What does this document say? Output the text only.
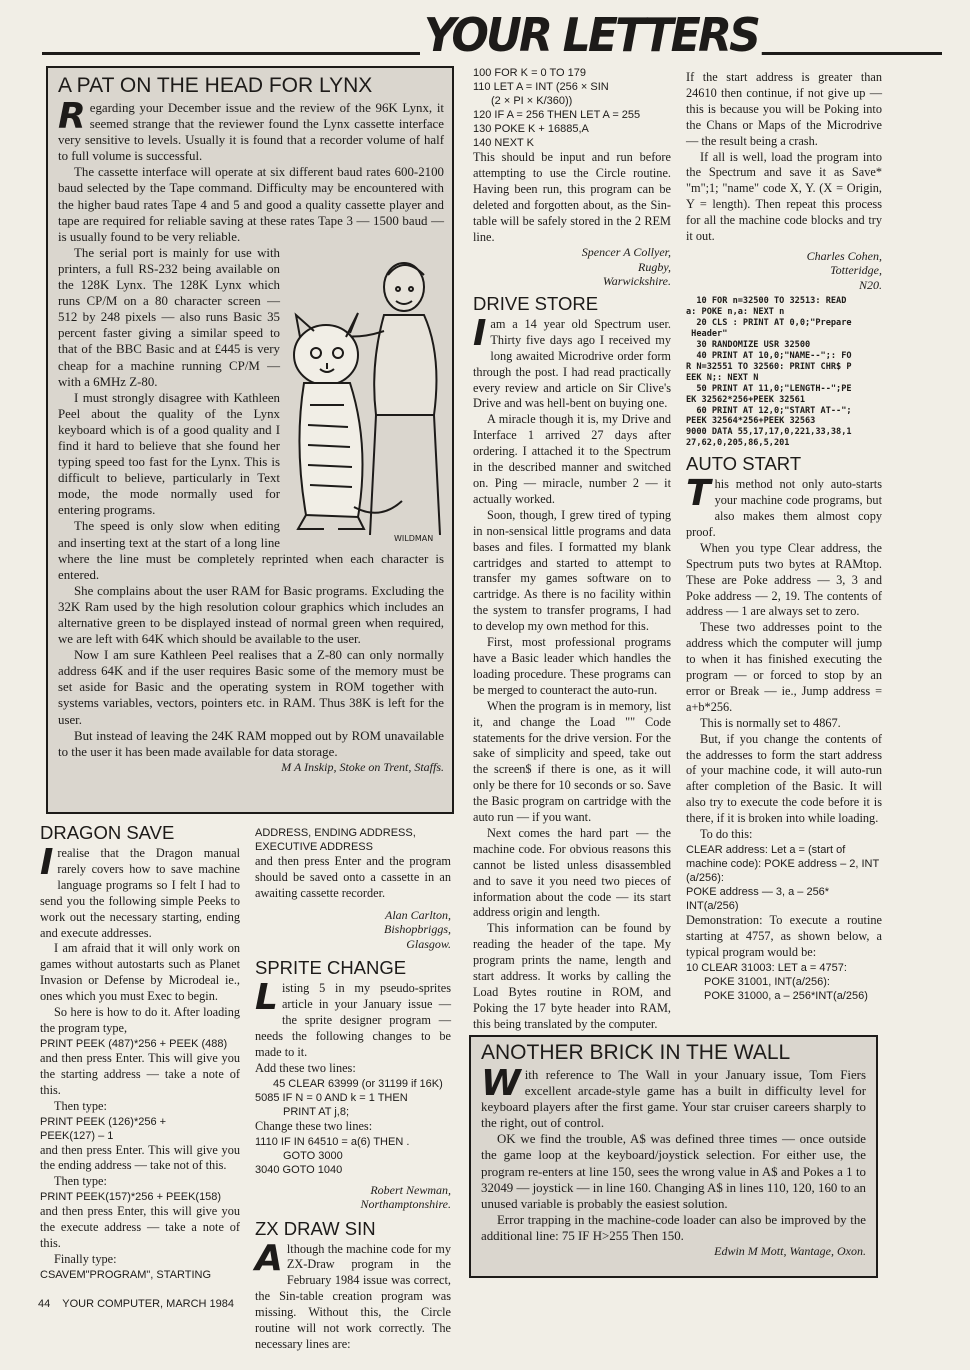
YOUR LETTERS
A PAT ON THE HEAD FOR LYNX

Regarding your December issue and the review of the 96K Lynx, it seemed strange that the reviewer found the Lynx cassette interface very sensitive to levels. Usually it is found that a recorder volume of half to full volume is successful.

The cassette interface will operate at six different baud rates 600-2100 baud selected by the Tape command. Difficulty may be encountered with the higher baud rates Tape 4 and 5 and good a quality cassette player and tape are required for reliable saving at these rates Tape 3 — 1500 baud — is usually found to be very reliable.

WILDMAN
The serial port is mainly for use with printers, a full RS-232 being available on the 128K Lynx. The 128K Lynx which runs CP/M on a 80 character screen — 512 by 248 pixels — also runs Basic 35 percent faster giving a similar speed to that of the BBC Basic and at £445 is very cheap for a machine running CP/M — with a 6MHz Z-80.

I must strongly disagree with Kathleen Peel about the quality of the Lynx keyboard which is of a good quality and I find it hard to believe that she found her typing speed too fast for the Lynx. This is difficult to believe, particularly in Text mode, the mode normally used for entering programs.

The speed is only slow when editing and inserting text at the start of a long line where the line must be completely reprinted when each character is entered.

She complains about the user RAM for Basic programs. Excluding the 32K Ram used by the high resolution colour graphics which includes an alternative green to be displayed instead of normal green when required, we are left with 64K which should be available to the user.

Now I am sure Kathleen Peel realises that a Z-80 can only normally address 64K and if the user requires Basic some of the memory must be set aside for Basic and the operating system in ROM together with systems variables, vectors, pointers etc. in RAM. Thus 38K is left for the user.

But instead of leaving the 24K RAM mopped out by ROM unavailable to the user it has been made available for data storage.

M A Inskip, Stoke on Trent, Staffs.

DRAGON SAVE

Irealise that the Dragon manual rarely covers how to save machine language programs so I felt I had to send you the following simple Peeks to work out the necessary starting, ending and execute addresses.

I am afraid that it will only work on games without autostarts such as Planet Invasion or Defense by Microdeal ie., ones which you must Exec to begin.

So here is how to do it. After loading the program type,

PRINT PEEK (487)*256 + PEEK (488)

and then press Enter. This will give you the starting address — take a note of this.

Then type:

PRINT PEEK (126)*256 +

PEEK(127) – 1

and then press Enter. This will give you the ending address — take not of this.

Then type:

PRINT PEEK(157)*256 + PEEK(158)

and then press Enter, this will give you the execute address — take a note of this.

Finally type:

CSAVEM"PROGRAM", STARTING

ADDRESS, ENDING ADDRESS,

EXECUTIVE ADDRESS

and then press Enter and the program should be saved onto a cassette in an awaiting cassette recorder.

Alan Carlton,

Bishopbriggs,

Glasgow.

SPRITE CHANGE

Listing 5 in my pseudo-sprites article in your January issue — the sprite designer program — needs the following changes to be made to it.

Add these two lines:

45 CLEAR 63999 (or 31199 if 16K)

5085 IF N = 0 AND k = 1 THEN

PRINT AT j,8;

Change these two lines:

1110 IF IN 64510 = a(6) THEN .

GOTO 3000

3040 GOTO 1040

Robert Newman,

Northamptonshire.

ZX DRAW SIN

Although the machine code for my ZX-Draw program in the February 1984 issue was correct, the Sin-table creation program was missing. Without this, the Circle routine will not work correctly. The necessary lines are:

100 FOR K = 0 TO 179

110 LET A = INT (256 × SIN

(2 × PI × K/360))

120 IF A = 256 THEN LET A = 255

130 POKE K + 16885,A

140 NEXT K

This should be input and run before attempting to use the Circle routine. Having been run, this program can be deleted and forgotten about, as the Sin-table will be safely stored in the 2 REM line.

Spencer A Collyer,

Rugby,

Warwickshire.

DRIVE STORE

Iam a 14 year old Spectrum user. Thirty five days ago I received my long awaited Microdrive order form through the post. I had read practically every review and article on Sir Clive's Drive and was hell-bent on buying one.

A miracle though it is, my Drive and Interface 1 arrived 27 days after ordering. I attached it to the Spectrum in the described manner and switched on. Ping — miracle, number 2 — it actually worked.

Soon, though, I grew tired of typing in non-sensical little programs and data bases and files. I formatted my blank cartridges and started to attempt to transfer my games software on to cartridge. As there is no facility within the system to transfer programs, I had to develop my own method for this.

First, most professional programs have a Basic leader which handles the loading procedure. These programs can be merged to counteract the auto-run.

When the program is in memory, list it, and change the Load "" Code statements for the drive version. For the sake of simplicity and speed, take out the screen$ if there is one, as it will only be there for 10 seconds or so. Save the Basic program on cartridge with the auto run — if you want.

Next comes the hard part — the machine code. For obvious reasons this cannot be listed unless disassembled and to save it you need two pieces of information about the code — its start address origin and length.

This information can be found by reading the header of the tape. My program prints the name, length and start address. It works by calling the Load Bytes routine in ROM, and Poking the 17 byte header into RAM, this being translated by the computer.

If the start address is greater than 24610 then continue, if not give up — this is because you will be Poking into the Chans or Maps of the Microdrive — the result being a crash.

If all is well, load the program into the Spectrum and save it as Save* "m";1; "name" code X, Y. (X = Origin, Y = length). Then repeat this process for all the machine code blocks and try it out.

Charles Cohen,

Totteridge,

N20.

10 FOR n=32500 TO 32513: READ
a: POKE n,a: NEXT n
20 CLS : PRINT AT 0,0;"Prepare
Header"
30 RANDOMIZE USR 32500
40 PRINT AT 10,0;"NAME--";: FO
R N=32551 TO 32560: PRINT CHR$ P
EEK N;: NEXT N
50 PRINT AT 11,0;"LENGTH--";PE
EK 32562*256+PEEK 32561
60 PRINT AT 12,0;"START AT--";
PEEK 32564*256+PEEK 32563
9000 DATA 55,17,17,0,221,33,38,1
27,62,0,205,86,5,201
AUTO START

This method not only auto-starts your machine code programs, but also makes them almost copy proof.

When you type Clear address, the Spectrum puts two bytes at RAMtop. These are Poke address — 3, 3 and Poke address — 2, 19. The contents of address — 1 are always set to zero.

These two addresses point to the address which the computer will jump to when it has finished executing the program — or forced to stop by an error or Break — ie., Jump address = a+b*256.

This is normally set to 4867.

But, if you change the contents of the addresses to form the start address of your machine code, it will auto-run after completion of the Basic. It will also try to execute the code before it is there, if it is broken into while loading.

To do this:

CLEAR address: Let a = (start of machine code): POKE address – 2, INT (a/256):

POKE address — 3, a – 256*

INT(a/256)

Demonstration: To execute a routine starting at 4757, as shown below, a typical program would be:

10 CLEAR 31003: LET a = 4757:

POKE 31001, INT(a/256):

POKE 31000, a – 256*INT(a/256)

ANOTHER BRICK IN THE WALL

With reference to The Wall in your January issue, Tom Fiers excellent arcade-style game has a built in difficulty level for keyboard players after the first game. Your star cruiser careers sharply to the right, out of control.

OK we find the trouble, A$ was defined three times — once outside the game loop at the keyboard/joystick selection. For either use, the program re-enters at line 150, sees the wrong value in A$ and Pokes a 1 to 32049 — joystick — in line 160. Changing A$ in lines 110, 120, 160 to an unused variable is probably the easiest solution.

Error trapping in the machine-code loader can also be improved by the additional line: 75 IF H>255 Then 150.

Edwin M Mott, Wantage, Oxon.

44 YOUR COMPUTER, MARCH 1984
